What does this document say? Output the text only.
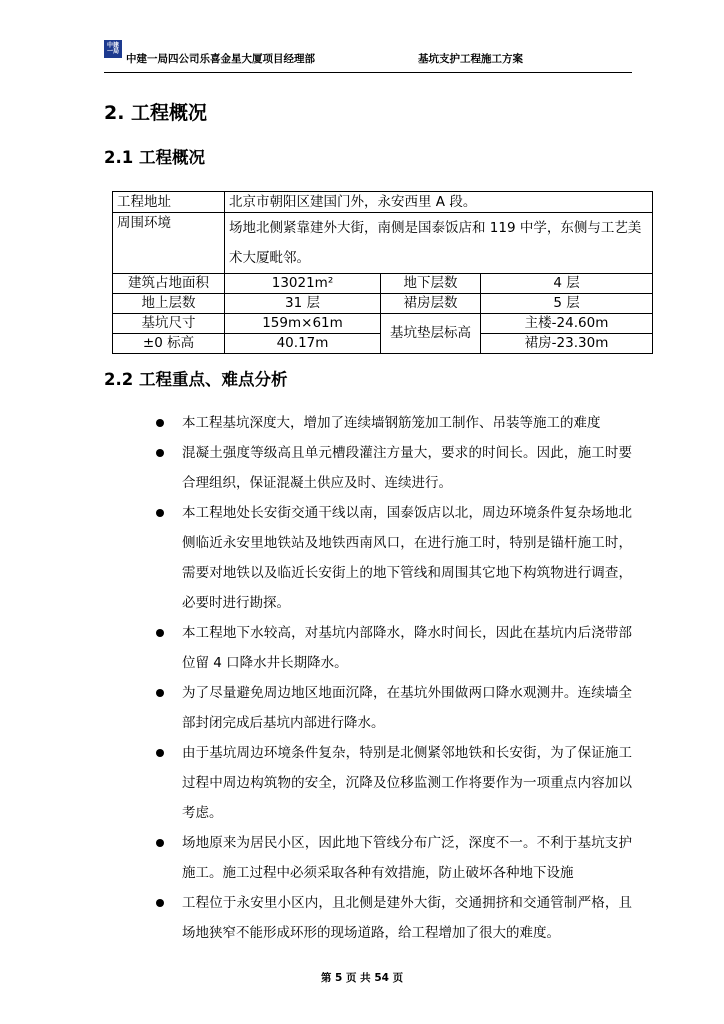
中建
一局
中建一局四公司乐喜金星大厦项目经理部	基坑支护工程施工方案
2. 工程概况
2.1 工程概况
工程地址	北京市朝阳区建国门外，永安西里 A 段。		
周围环境	场地北侧紧靠建外大街，南侧是国泰饭店和 119 中学，东侧与工艺美术大厦毗邻。		
建筑占地面积	13021m²	地下层数	4 层
地上层数	31 层	裙房层数	5 层
基坑尺寸	159m×61m	基坑垫层标高	主楼-24.60m
±0 标高	40.17m		裙房-23.30m
2.2 工程重点、难点分析
本工程基坑深度大，增加了连续墙钢筋笼加工制作、吊装等施工的难度
混凝土强度等级高且单元槽段灌注方量大，要求的时间长。因此，施工时要合理组织，保证混凝土供应及时、连续进行。
本工程地处长安街交通干线以南，国泰饭店以北，周边环境条件复杂场地北侧临近永安里地铁站及地铁西南风口，在进行施工时，特别是锚杆施工时，需要对地铁以及临近长安街上的地下管线和周围其它地下构筑物进行调查，必要时进行勘探。
本工程地下水较高，对基坑内部降水，降水时间长，因此在基坑内后浇带部位留 4 口降水井长期降水。
为了尽量避免周边地区地面沉降，在基坑外围做两口降水观测井。连续墙全部封闭完成后基坑内部进行降水。
由于基坑周边环境条件复杂，特别是北侧紧邻地铁和长安街，为了保证施工过程中周边构筑物的安全，沉降及位移监测工作将要作为一项重点内容加以考虑。
场地原来为居民小区，因此地下管线分布广泛，深度不一。不利于基坑支护施工。施工过程中必须采取各种有效措施，防止破坏各种地下设施
工程位于永安里小区内，且北侧是建外大街，交通拥挤和交通管制严格，且场地狭窄不能形成环形的现场道路，给工程增加了很大的难度。
第 5 页 共 54 页
